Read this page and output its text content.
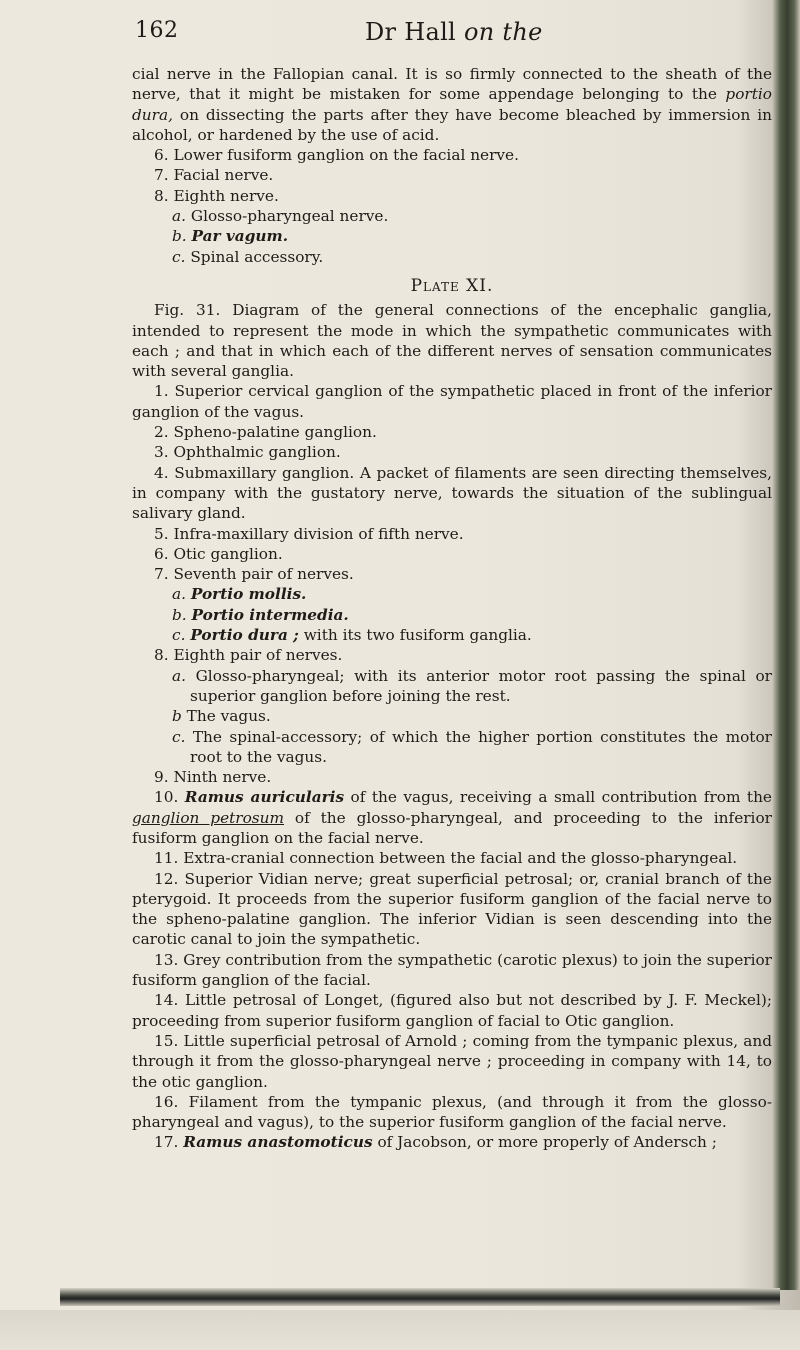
162	Dr Hall on the

cial nerve in the Fallopian canal. It is so firmly connected to the sheath of the nerve, that it might be mistaken for some appendage belonging to the portio dura, on dissecting the parts after they have become bleached by immersion in alcohol, or hardened by the use of acid.

6. Lower fusiform ganglion on the facial nerve.

7. Facial nerve.

8. Eighth nerve.

a. Glosso-pharyngeal nerve.

b. Par vagum.

c. Spinal accessory.

Plate XI.

Fig. 31. Diagram of the general connections of the encephalic ganglia, intended to represent the mode in which the sympathetic communicates with each ; and that in which each of the different nerves of sensation communicates with several ganglia.

1. Superior cervical ganglion of the sympathetic placed in front of the inferior ganglion of the vagus.

2. Spheno-palatine ganglion.

3. Ophthalmic ganglion.

4. Submaxillary ganglion. A packet of filaments are seen directing themselves, in company with the gustatory nerve, towards the situation of the sublingual salivary gland.

5. Infra-maxillary division of fifth nerve.

6. Otic ganglion.

7. Seventh pair of nerves.

a. Portio mollis.

b. Portio intermedia.

c. Portio dura ; with its two fusiform ganglia.

8. Eighth pair of nerves.

a. Glosso-pharyngeal; with its anterior motor root passing the spinal or superior ganglion before joining the rest.

b The vagus.

c. The spinal-accessory; of which the higher portion constitutes the motor root to the vagus.

9. Ninth nerve.

10. Ramus auricularis of the vagus, receiving a small contribution from the ganglion petrosum of the glosso-pharyngeal, and proceeding to the inferior fusiform ganglion on the facial nerve.

11. Extra-cranial connection between the facial and the glosso-pharyngeal.

12. Superior Vidian nerve; great superficial petrosal; or, cranial branch of the pterygoid. It proceeds from the superior fusiform ganglion of the facial nerve to the spheno-palatine ganglion. The inferior Vidian is seen descending into the carotic canal to join the sympathetic.

13. Grey contribution from the sympathetic (carotic plexus) to join the superior fusiform ganglion of the facial.

14. Little petrosal of Longet, (figured also but not described by J. F. Meckel); proceeding from superior fusiform ganglion of facial to Otic ganglion.

15. Little superficial petrosal of Arnold ; coming from the tympanic plexus, and through it from the glosso-pharyngeal nerve ; proceeding in company with 14, to the otic ganglion.

16. Filament from the tympanic plexus, (and through it from the glosso-pharyngeal and vagus), to the superior fusiform ganglion of the facial nerve.

17. Ramus anastomoticus of Jacobson, or more properly of Andersch ;
